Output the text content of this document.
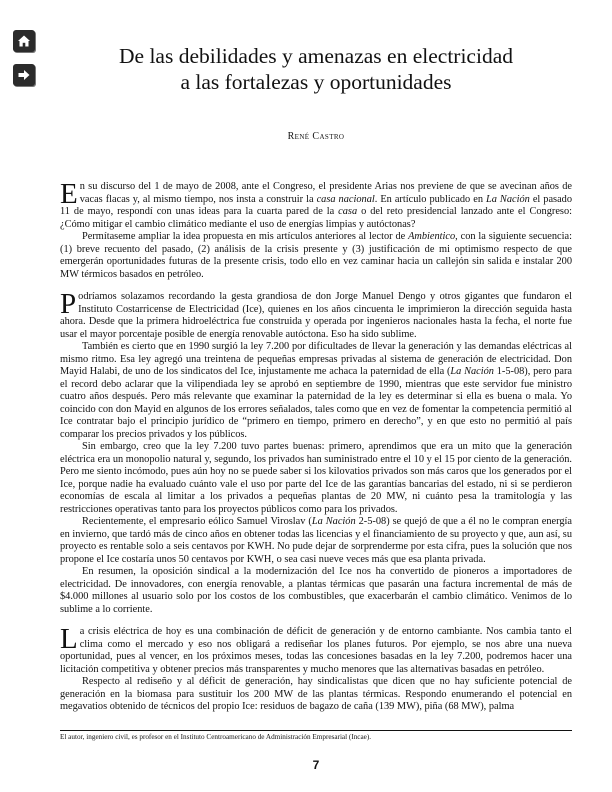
De las debilidades y amenazas en electricidad
a las fortalezas y oportunidades
René Castro

En su discurso del 1 de mayo de 2008, ante el Congreso, el presidente Arias nos previene de que se avecinan años de vacas flacas y, al mismo tiempo, nos insta a construir la casa nacional. En artículo publicado en La Nación el pasado 11 de mayo, respondí con unas ideas para la cuarta pared de la casa o del reto presidencial lanzado ante el Congreso: ¿Cómo mitigar el cambio climático mediante el uso de energías limpias y autóctonas?

Permítaseme ampliar la idea propuesta en mis artículos anteriores al lector de Ambientico, con la siguiente secuencia: (1) breve recuento del pasado, (2) análisis de la crisis presente y (3) justificación de mi optimismo respecto de que emergerán oportunidades futuras de la presente crisis, todo ello en vez caminar hacia un callejón sin salida e instalar 200 MW térmicos basados en petróleo.

Podríamos solazamos recordando la gesta grandiosa de don Jorge Manuel Dengo y otros gigantes que fundaron el Instituto Costarricense de Electricidad (Ice), quienes en los años cincuenta le imprimieron la dirección seguida hasta ahora. Desde que la primera hidroeléctrica fue construida y operada por ingenieros nacionales hasta la fecha, el norte fue usar el mayor porcentaje posible de energía renovable autóctona. Eso ha sido sublime.

También es cierto que en 1990 surgió la ley 7.200 por dificultades de llevar la generación y las demandas eléctricas al mismo ritmo. Esa ley agregó una treintena de pequeñas empresas privadas al sistema de generación de electricidad. Don Mayid Halabi, de uno de los sindicatos del Ice, injustamente me achaca la paternidad de ella (La Nación 1-5-08), pero para el record debo aclarar que la vilipendiada ley se aprobó en septiembre de 1990, mientras que este servidor fue ministro cuatro años después. Pero más relevante que examinar la paternidad de la ley es determinar si ella es buena o mala. Yo coincido con don Mayid en algunos de los errores señalados, tales como que en vez de fomentar la competencia permitió al Ice contratar bajo el principio jurídico de “primero en tiempo, primero en derecho”, y en que esto no permitió al país comparar los precios privados y los públicos.

Sin embargo, creo que la ley 7.200 tuvo partes buenas: primero, aprendimos que era un mito que la generación eléctrica era un monopolio natural y, segundo, los privados han suministrado entre el 10 y el 15 por ciento de la generación. Pero me siento incómodo, pues aún hoy no se puede saber si los kilovatios privados son más caros que los generados por el Ice, porque nadie ha evaluado cuánto vale el uso por parte del Ice de las garantías bancarias del estado, ni si se perdieron economías de escala al limitar a los privados a pequeñas plantas de 20 MW, ni cuánto pesa la tramitología y las restricciones operativas tanto para los proyectos públicos como para los privados.

Recientemente, el empresario eólico Samuel Viroslav (La Nación 2-5-08) se quejó de que a él no le compran energía en invierno, que tardó más de cinco años en obtener todas las licencias y el financiamiento de su proyecto y que, aun así, su proyecto es rentable solo a seis centavos por KWH. No pude dejar de sorprenderme por esta cifra, pues la solución que nos propone el Ice costaría unos 50 centavos por KWH, o sea casi nueve veces más que esa planta privada.

En resumen, la oposición sindical a la modernización del Ice nos ha convertido de pioneros a importadores de electricidad. De innovadores, con energía renovable, a plantas térmicas que pasarán una factura incremental de más de $4.000 millones al usuario solo por los costos de los combustibles, que exacerbarán el cambio climático. Venimos de lo sublime a lo corriente.

La crisis eléctrica de hoy es una combinación de déficit de generación y de entorno cambiante. Nos cambia tanto el clima como el mercado y eso nos obligará a rediseñar los planes futuros. Por ejemplo, se nos abre una nueva oportunidad, pues al vencer, en los próximos meses, todas las concesiones basadas en la ley 7.200, podremos hacer una licitación competitiva y obtener precios más transparentes y mucho menores que las alternativas basadas en petróleo.

Respecto al rediseño y al déficit de generación, hay sindicalistas que dicen que no hay suficiente potencial de generación en la biomasa para sustituir los 200 MW de las plantas térmicas. Respondo enumerando el potencial en megavatios obtenido de técnicos del propio Ice: residuos de bagazo de caña (139 MW), piña (68 MW), palma

El autor, ingeniero civil, es profesor en el Instituto Centroamericano de Administración Empresarial (Incae).
7
